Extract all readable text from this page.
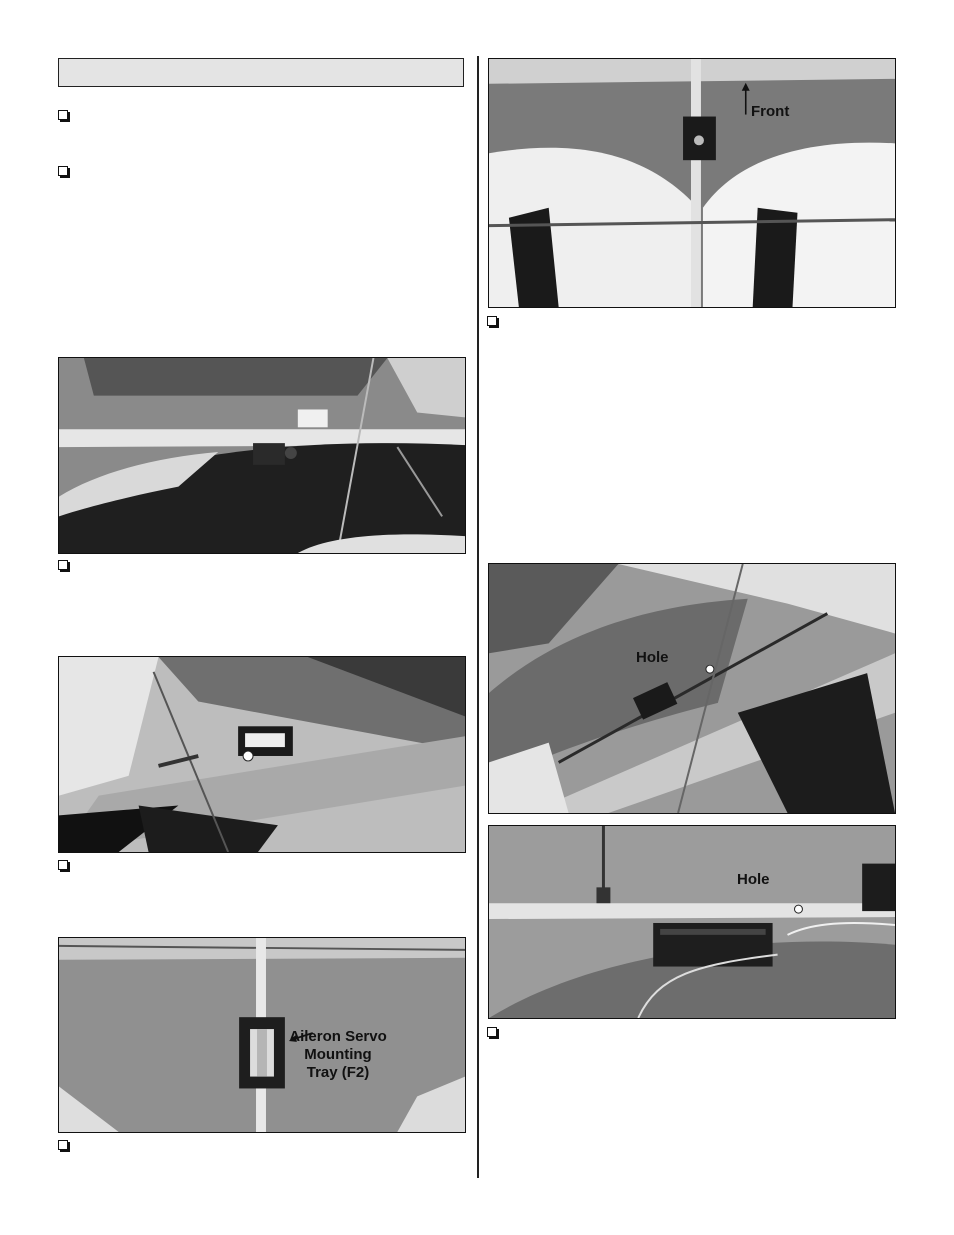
Aileron Servo
Mounting
Tray (F2)
Front
Hole
Hole
